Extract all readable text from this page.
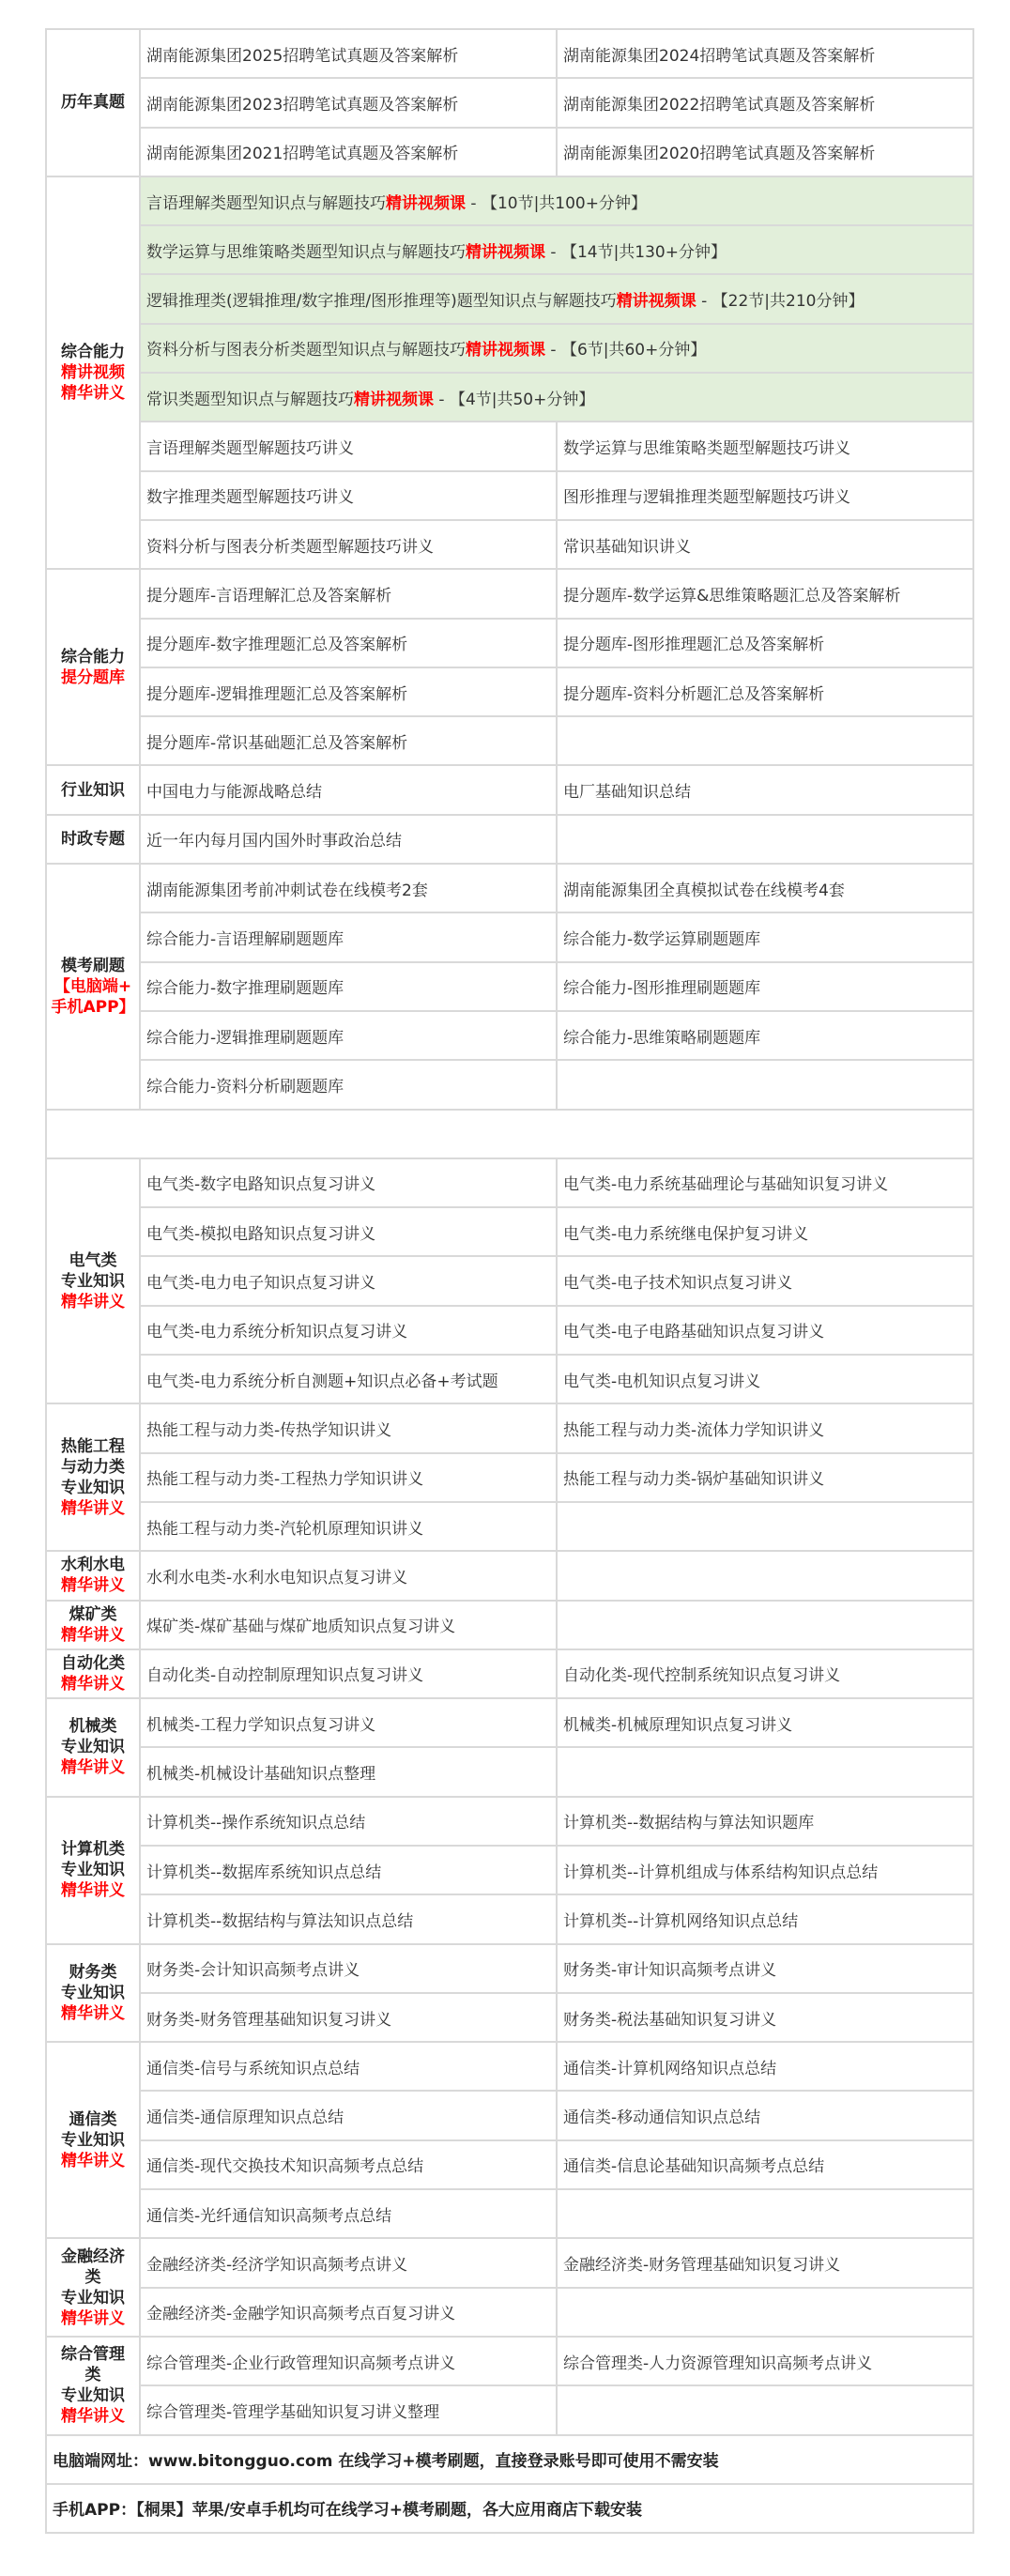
历年真题	湖南能源集团2025招聘笔试真题及答案解析	湖南能源集团2024招聘笔试真题及答案解析
	湖南能源集团2023招聘笔试真题及答案解析	湖南能源集团2022招聘笔试真题及答案解析
	湖南能源集团2021招聘笔试真题及答案解析	湖南能源集团2020招聘笔试真题及答案解析

综合能力
精讲视频
精华讲义	言语理解类题型知识点与解题技巧精讲视频课 - 【10节|共100+分钟】	
	数学运算与思维策略类题型知识点与解题技巧精讲视频课 - 【14节|共130+分钟】	
	逻辑推理类(逻辑推理/数字推理/图形推理等)题型知识点与解题技巧精讲视频课 - 【22节|共210分钟】	
	资料分析与图表分析类题型知识点与解题技巧精讲视频课 - 【6节|共60+分钟】	
	常识类题型知识点与解题技巧精讲视频课 - 【4节|共50+分钟】	
	言语理解类题型解题技巧讲义	数学运算与思维策略类题型解题技巧讲义
	数字推理类题型解题技巧讲义	图形推理与逻辑推理类题型解题技巧讲义
	资料分析与图表分析类题型解题技巧讲义	常识基础知识讲义

综合能力
提分题库	提分题库-言语理解汇总及答案解析	提分题库-数学运算&思维策略题汇总及答案解析
	提分题库-数字推理题汇总及答案解析	提分题库-图形推理题汇总及答案解析
	提分题库-逻辑推理题汇总及答案解析	提分题库-资料分析题汇总及答案解析
	提分题库-常识基础题汇总及答案解析	

行业知识	中国电力与能源战略总结	电厂基础知识总结

时政专题	近一年内每月国内国外时事政治总结	

模考刷题
【电脑端+
手机APP】	湖南能源集团考前冲刺试卷在线模考2套	湖南能源集团全真模拟试卷在线模考4套
	综合能力-言语理解刷题题库	综合能力-数学运算刷题题库
	综合能力-数字推理刷题题库	综合能力-图形推理刷题题库
	综合能力-逻辑推理刷题题库	综合能力-思维策略刷题题库
	综合能力-资料分析刷题题库	

电气类
专业知识
精华讲义	电气类-数字电路知识点复习讲义	电气类-电力系统基础理论与基础知识复习讲义
	电气类-模拟电路知识点复习讲义	电气类-电力系统继电保护复习讲义
	电气类-电力电子知识点复习讲义	电气类-电子技术知识点复习讲义
	电气类-电力系统分析知识点复习讲义	电气类-电子电路基础知识点复习讲义
	电气类-电力系统分析自测题+知识点必备+考试题	电气类-电机知识点复习讲义

热能工程
与动力类
专业知识
精华讲义	热能工程与动力类-传热学知识讲义	热能工程与动力类-流体力学知识讲义
	热能工程与动力类-工程热力学知识讲义	热能工程与动力类-锅炉基础知识讲义
	热能工程与动力类-汽轮机原理知识讲义	

水利水电
精华讲义	水利水电类-水利水电知识点复习讲义	

煤矿类
精华讲义	煤矿类-煤矿基础与煤矿地质知识点复习讲义	

自动化类
精华讲义	自动化类-自动控制原理知识点复习讲义	自动化类-现代控制系统知识点复习讲义

机械类
专业知识
精华讲义	机械类-工程力学知识点复习讲义	机械类-机械原理知识点复习讲义
	机械类-机械设计基础知识点整理	

计算机类
专业知识
精华讲义	计算机类--操作系统知识点总结	计算机类--数据结构与算法知识题库
	计算机类--数据库系统知识点总结	计算机类--计算机组成与体系结构知识点总结
	计算机类--数据结构与算法知识点总结	计算机类--计算机网络知识点总结

财务类
专业知识
精华讲义	财务类-会计知识高频考点讲义	财务类-审计知识高频考点讲义
	财务类-财务管理基础知识复习讲义	财务类-税法基础知识复习讲义

通信类
专业知识
精华讲义	通信类-信号与系统知识点总结	通信类-计算机网络知识点总结
	通信类-通信原理知识点总结	通信类-移动通信知识点总结
	通信类-现代交换技术知识高频考点总结	通信类-信息论基础知识高频考点总结
	通信类-光纤通信知识高频考点总结	

金融经济
类
专业知识
精华讲义	金融经济类-经济学知识高频考点讲义	金融经济类-财务管理基础知识复习讲义
	金融经济类-金融学知识高频考点百复习讲义	

综合管理
类
专业知识
精华讲义	综合管理类-企业行政管理知识高频考点讲义	综合管理类-人力资源管理知识高频考点讲义
	综合管理类-管理学基础知识复习讲义整理	
电脑端网址：www.bitongguo.com 在线学习+模考刷题，直接登录账号即可使用不需安装		
手机APP：【桐果】苹果/安卓手机均可在线学习+模考刷题，各大应用商店下载安装		
